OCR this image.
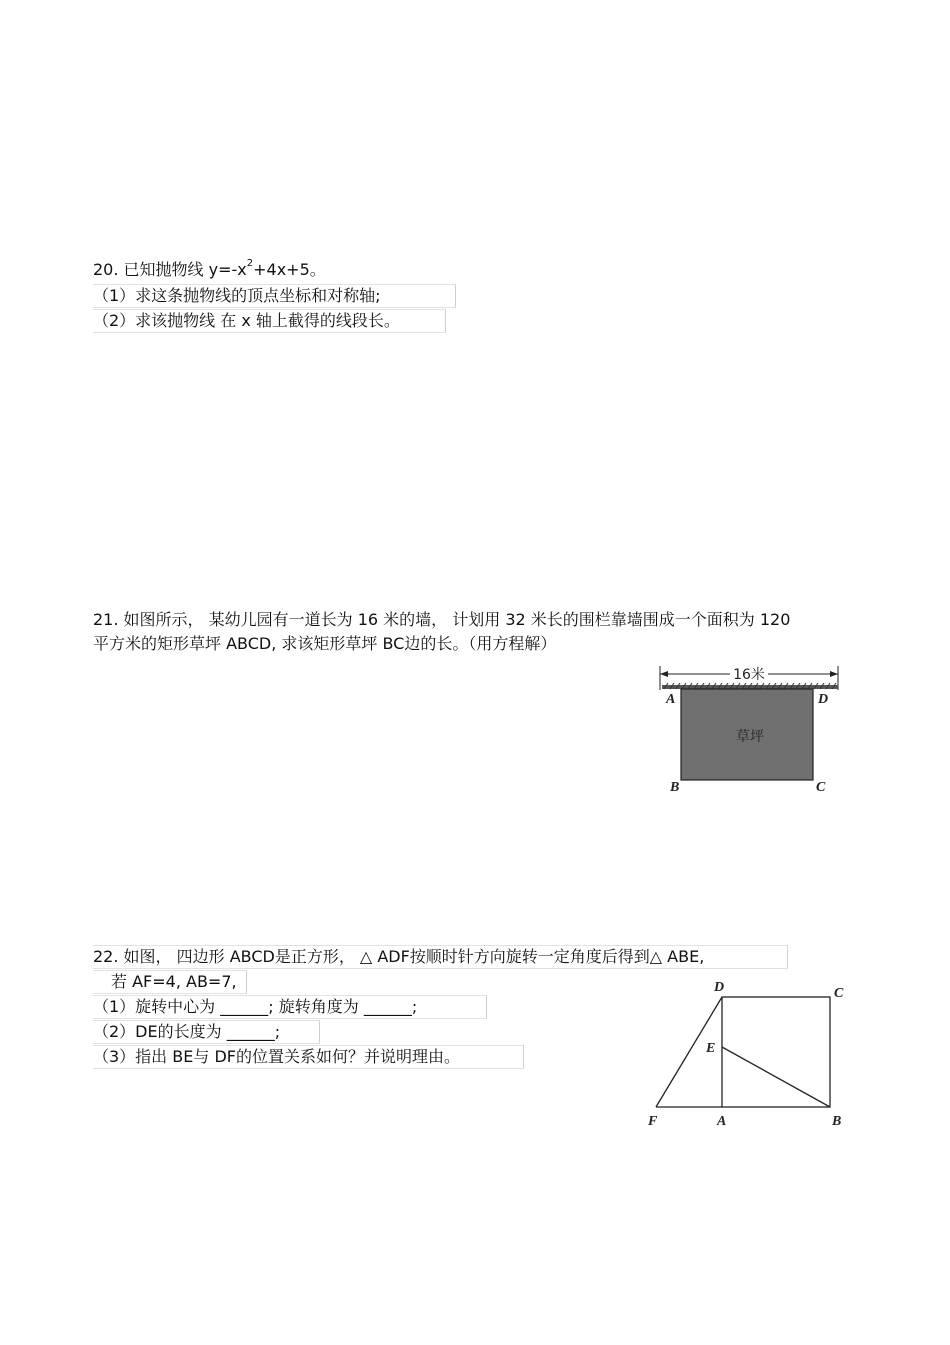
20. 已知抛物线 $y=-x^2+4x+5$。
（1）求这条抛物线的顶点坐标和对称轴;
（2）求该抛物线 在 x 轴上截得的线段长。
21. 如图所示， 某幼儿园有一道长为 16 米的墙， 计划用 32 米长的围栏靠墙围成一个面积为 120
平方米的矩形草坪 ABCD, 求该矩形草坪 BC边的长。（用方程解）
16米
草坪
A	D
B	C
22. 如图， 四边形 ABCD是正方形， △ ADF按顺时针方向旋转一定角度后得到△ ABE,
若 AF=4, AB=7,
（1）旋转中心为 ______; 旋转角度为 ______;
（2）DE的长度为 ______;
（3）指出 BE与 DF的位置关系如何？并说明理由。
D	C
E
F	A	B
